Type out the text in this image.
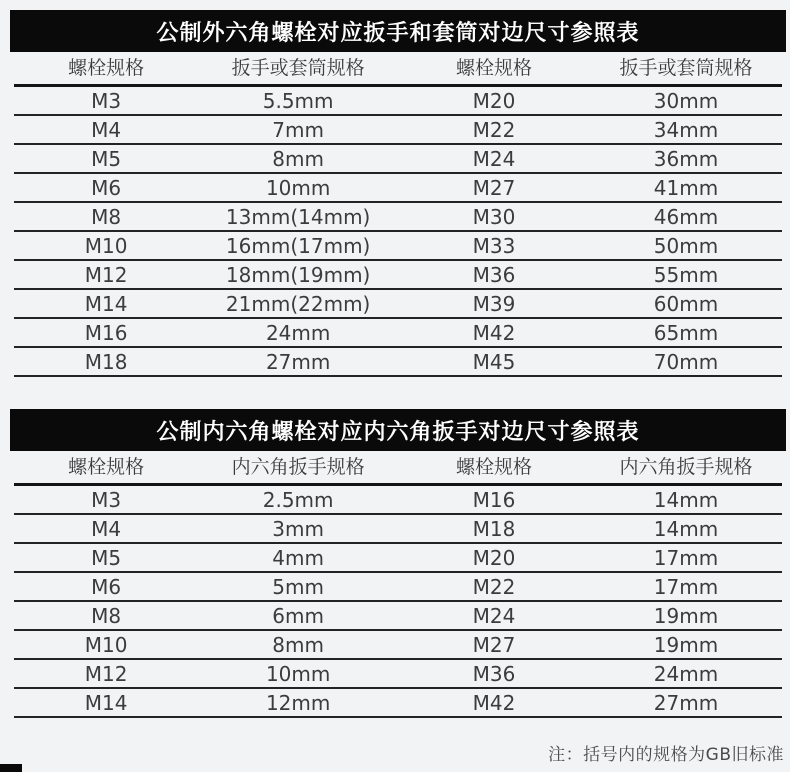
公制外六角螺栓对应扳手和套筒对边尺寸参照表
螺栓规格	扳手或套筒规格	螺栓规格	扳手或套筒规格
M3	5.5mm	M20	30mm
M4	7mm	M22	34mm
M5	8mm	M24	36mm
M6	10mm	M27	41mm
M8	13mm(14mm)	M30	46mm
M10	16mm(17mm)	M33	50mm
M12	18mm(19mm)	M36	55mm
M14	21mm(22mm)	M39	60mm
M16	24mm	M42	65mm
M18	27mm	M45	70mm
公制内六角螺栓对应内六角扳手对边尺寸参照表
螺栓规格	内六角扳手规格	螺栓规格	内六角扳手规格
M3	2.5mm	M16	14mm
M4	3mm	M18	14mm
M5	4mm	M20	17mm
M6	5mm	M22	17mm
M8	6mm	M24	19mm
M10	8mm	M27	19mm
M12	10mm	M36	24mm
M14	12mm	M42	27mm
注：括号内的规格为GB旧标准
